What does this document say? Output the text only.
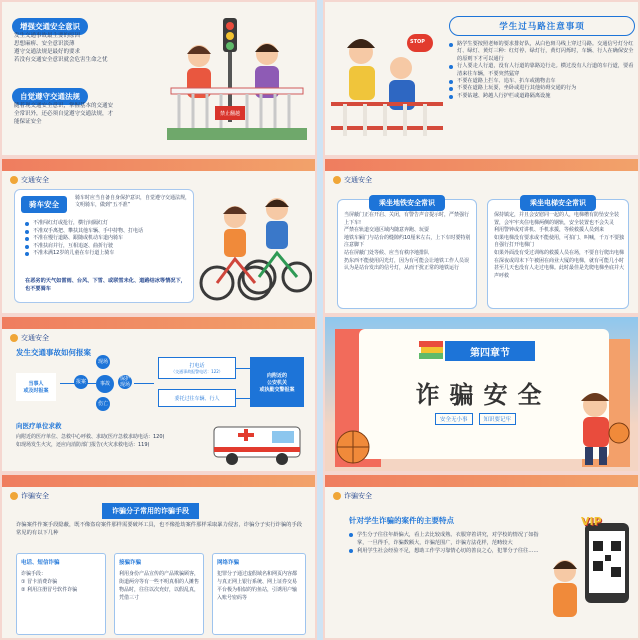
增强交通安全意识
发生交通事故最主要的原因
思想麻痹、安全意识淡薄
遵守交通法规是最好的要求
若没有交通安全意识就会危害生命之忧
自觉遵守交通法规
随着现交通安全意识，掌握基本的交通安
全常识外，还必须自觉遵守交通法规，才
能保证安全
禁止翻越
STOP
学生过马路注意事项
路学生要按照老师的要求排好队，从白色斑马线上穿过马路。交通信号灯分红灯、绿灯、黄灯三种：红灯停、绿灯行，黄灯闪烁时，车辆、行人在确保安全的原则下才可以通行
行人要走人行道，没有人行道的靠路边行走。横过没有人行道的车行道，要看清来往车辆，不要突然猛穿
不要在道路上拦车、追车、扒车或抛物击车
不要在道路上玩耍，坐卧或进行其他妨碍交通的行为
不要钻越、跨越人行护栏或道路隔离设施
交通安全
骑车安全
骑车时应当自备自身保护意识，自觉遵守交通法规，文明骑车，做到“五不准”
不准闯红灯或抢行，横行间隔红灯
不准双手离把、攀扶其他车辆、手中持物、打电话
不准在慢行道路、跟随或机动车道内骑车
不准扶肩并行，互相追逐、曲折行驶
不准未满12岁的儿童在车行道上骑车
在恶劣的天气如雷雨、台风、下雪、或联雪未化、道路结冰等情况下，也不要骑车
交通安全
乘坐地铁安全常识
当屏蔽门正在开启、关闭，有警告声音提示时，严禁强行上下车!
严禁在轨道交通区域内随意奔跑、玩耍
地铁车厢门与站台的缝隙约10厘米左右，上下车时要特别注意脚下
站在屏蔽门处等候、应当有秩序地排队
扔东西不能使用闪光灯，因为有可能会让地铁工作人员误认为是站台发出的信号灯，从而干扰正常的地铁运行
乘坐电梯安全常识
保持镇定，并且会安慰同一起的人，电梯槽有防坠安全装置，会牢牢夹住电梯两侧的钢轨，安全装置也不会失灵
利用警钟或对讲机、手机求援，等候救援人员到来
如果电梯没有要求或不能使用，可拍门、叫喊，千万不要独自强行打开电梯门
如果外面没有受过训练的救援人员在场，不要自行爬出电梯
在深夜或周末下午被困在商业大厦的电梯，就有可能几小时甚至几天也没有人走过电梯。此时最佳是先爬电梯坐底并大声呼救
交通安全
发生交通事故如何报案
当事人
或及时报案
事故
现场
报案	保护现场
伤亡
打电话
（交通事故报警电话：122）
委托过往车辆、行人
向附近的
公安机关
或执勤交警报案
向医疗单位求救
向附近的医疗单位、急救中心呼救、求助(医疗急救求助电话：120)
如现场发生火灾，还应向消防部门报告(火灾求救电话：119)
第四章节
诈骗安全
安全无小事	知识要记牢
诈骗安全
诈骗分子常用的诈骗手段
诈骗案件作案手段隐蔽，既不像盗窃案件那样需要破坏工具，也不像抢劫案件那样采取暴力侵害，诈骗分子实行诈骗的手段常见的有以下几种
电话、短信诈骗
诈骗手段：
① 冒卡消费诈骗
② 利用注册冒号软件诈骗
接骗诈骗
利用身份产品宣传的产品欺骗顾客，街道两旁等有一些不明真相的人摊售物品时，往往以次充好，以假乱真，凭借三寸
网络诈骗
犯罪分子通过虚假域名和网页内容都与真正网上银行系统、网上证券交易平台极为相似的钓鱼站，引诱用户输入账号密码等
诈骗安全
针对学生诈骗的案件的主要特点
学生分子往往年龄偏大，看上去比较成熟、衣服穿着讲究，对学校的情况了如指掌，一旦得手，诈骗数额大，诈骗范围广，诈骗方法花样，范畴较大
利用学生社会经验不足，想助工作学习靠情心切的善良之心，犯罪分子往往……
VIP
